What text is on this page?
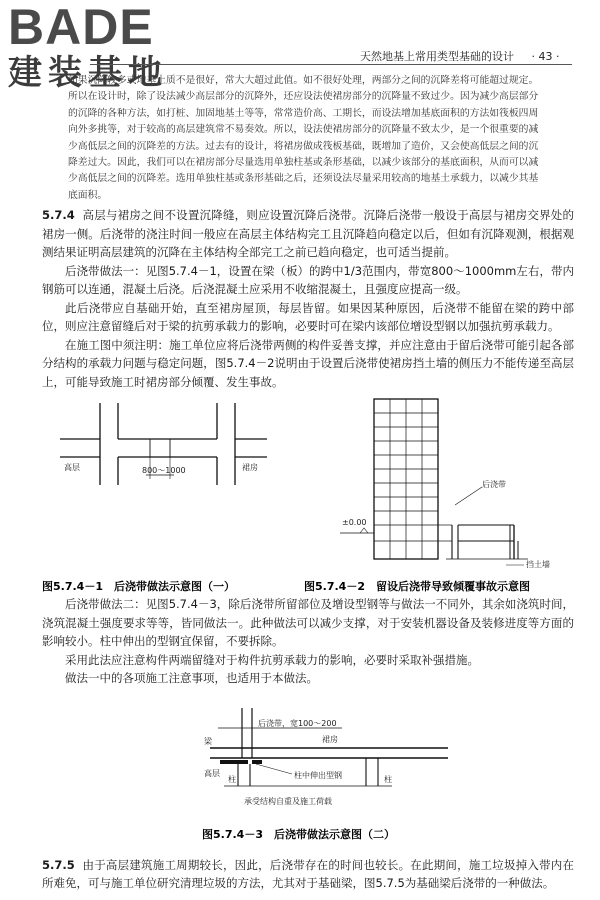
BADE
建装基地	天然地基上常用类型基础的设计 · 43 ·

如果沉降较多或地基土质不是很好，常大大超过此值。如不很好处理，两部分之间的沉降差将可能超过规定。
所以在设计时，除了设法减少高层部分的沉降外，还应设法使裙房部分的沉降量不致过少。因为减少高层部分
的沉降的各种方法，如打桩、加固地基土等等，常常造价高、工期长，而设法增加基底面积的方法如筏板四周
向外多挑等，对于较高的高层建筑常不易奏效。所以，设法使裙房部分的沉降量不致太少，是一个很重要的减
少高低层之间的沉降差的方法。过去有的设计，将裙房做成筏板基础，既增加了造价，又会使高低层之间的沉
降差过大。因此，我们可以在裙房部分尽量选用单独柱基或条形基础，以减少该部分的基底面积，从而可以减
少高低层之间的沉降差。选用单独柱基或条形基础之后，还须设法尽量采用较高的地基土承载力，以减少其基
底面积。

5.7.4 高层与裙房之间不设置沉降缝，则应设置沉降后浇带。沉降后浇带一般设于高层与裙房交界处的裙房一侧。后浇带的浇注时间一般应在高层主体结构完工且沉降趋向稳定以后，但如有沉降观测，根据观测结果证明高层建筑的沉降在主体结构全部完工之前已趋向稳定，也可适当提前。

后浇带做法一：见图5.7.4－1，设置在梁（板）的跨中1/3范围内，带宽800～1000mm左右，带内钢筋可以连通，混凝土后浇。后浇混凝土应采用不收缩混凝土，且强度应提高一级。

此后浇带应自基础开始，直至裙房屋顶，每层皆留。如果因某种原因，后浇带不能留在梁的跨中部位，则应注意留缝后对于梁的抗剪承载力的影响，必要时可在梁内该部位增设型钢以加强抗剪承载力。

在施工图中须注明：施工单位应将后浇带两侧的构件妥善支撑，并应注意由于留后浇带可能引起各部分结构的承载力问题与稳定问题，图5.7.4－2说明由于设置后浇带使裙房挡土墙的侧压力不能传递至高层上，可能导致施工时裙房部分倾覆、发生事故。

高层	裙房
800～1000
图5.7.4－1　后浇带做法示意图（一）
后浇带
±0.00
挡土墙
图5.7.4－2　留设后浇带导致倾覆事故示意图

后浇带做法二：见图5.7.4－3，除后浇带所留部位及增设型钢等与做法一不同外，其余如浇筑时间，浇筑混凝土强度要求等等，皆同做法一。此种做法可以减少支撑，对于安装机器设备及装修进度等方面的影响较小。柱中伸出的型钢宜保留，不要拆除。

采用此法应注意构件两端留缝对于构件抗剪承载力的影响，必要时采取补强措施。

做法一中的各项施工注意事项，也适用于本做法。

后浇带，宽100～200
梁	裙房
高层
柱	柱
柱中伸出型钢
承受结构自重及施工荷载
图5.7.4－3　后浇带做法示意图（二）

5.7.5 由于高层建筑施工周期较长，因此，后浇带存在的时间也较长。在此期间，施工垃圾掉入带内在所难免，可与施工单位研究清理垃圾的方法，尤其对于基础梁，图5.7.5为基础梁后浇带的一种做法。
